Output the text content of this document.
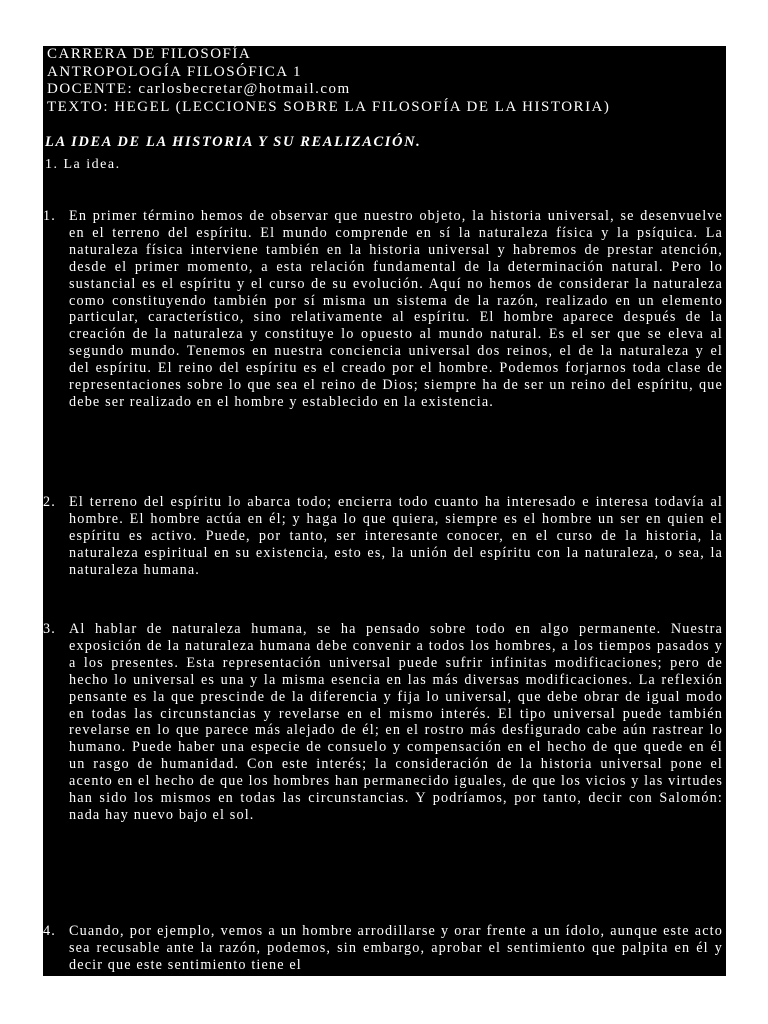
CARRERA DE FILOSOFÍA
ANTROPOLOGÍA FILOSÓFICA 1
DOCENTE: carlosbecretar@hotmail.com
TEXTO: HEGEL (LECCIONES SOBRE LA FILOSOFÍA DE LA HISTORIA)
LA IDEA DE LA HISTORIA Y SU REALIZACIÓN.
1. La idea.
1. En primer término hemos de observar que nuestro objeto, la historia universal, se desenvuelve en el terreno del espíritu. El mundo comprende en sí la naturaleza física y la psíquica. La naturaleza física interviene también en la historia universal y habremos de prestar atención, desde el primer momento, a esta relación fundamental de la determinación natural. Pero lo sustancial es el espíritu y el curso de su evolución. Aquí no hemos de considerar la naturaleza como constituyendo también por sí misma un sistema de la razón, realizado en un elemento particular, característico, sino relativamente al espíritu. El hombre aparece después de la creación de la naturaleza y constituye lo opuesto al mundo natural. Es el ser que se eleva al segundo mundo. Tenemos en nuestra conciencia universal dos reinos, el de la naturaleza y el del espíritu. El reino del espíritu es el creado por el hombre. Podemos forjarnos toda clase de representaciones sobre lo que sea el reino de Dios; siempre ha de ser un reino del espíritu, que debe ser realizado en el hombre y establecido en la existencia.
2. El terreno del espíritu lo abarca todo; encierra todo cuanto ha interesado e interesa todavía al hombre. El hombre actúa en él; y haga lo que quiera, siempre es el hombre un ser en quien el espíritu es activo. Puede, por tanto, ser interesante conocer, en el curso de la historia, la naturaleza espiritual en su existencia, esto es, la unión del espíritu con la naturaleza, o sea, la naturaleza humana.
3. Al hablar de naturaleza humana, se ha pensado sobre todo en algo permanente. Nuestra exposición de la naturaleza humana debe convenir a todos los hombres, a los tiempos pasados y a los presentes. Esta representación universal puede sufrir infinitas modificaciones; pero de hecho lo universal es una y la misma esencia en las más diversas modificaciones. La reflexión pensante es la que prescinde de la diferencia y fija lo universal, que debe obrar de igual modo en todas las circunstancias y revelarse en el mismo interés. El tipo universal puede también revelarse en lo que parece más alejado de él; en el rostro más desfigurado cabe aún rastrear lo humano. Puede haber una especie de consuelo y compensación en el hecho de que quede en él un rasgo de humanidad. Con este interés; la consideración de la historia universal pone el acento en el hecho de que los hombres han permanecido iguales, de que los vicios y las virtudes han sido los mismos en todas las circunstancias. Y podríamos, por tanto, decir con Salomón: nada hay nuevo bajo el sol.
4. Cuando, por ejemplo, vemos a un hombre arrodillarse y orar frente a un ídolo, aunque este acto sea recusable ante la razón, podemos, sin embargo, aprobar el sentimiento que palpita en él y decir que este sentimiento tiene el
